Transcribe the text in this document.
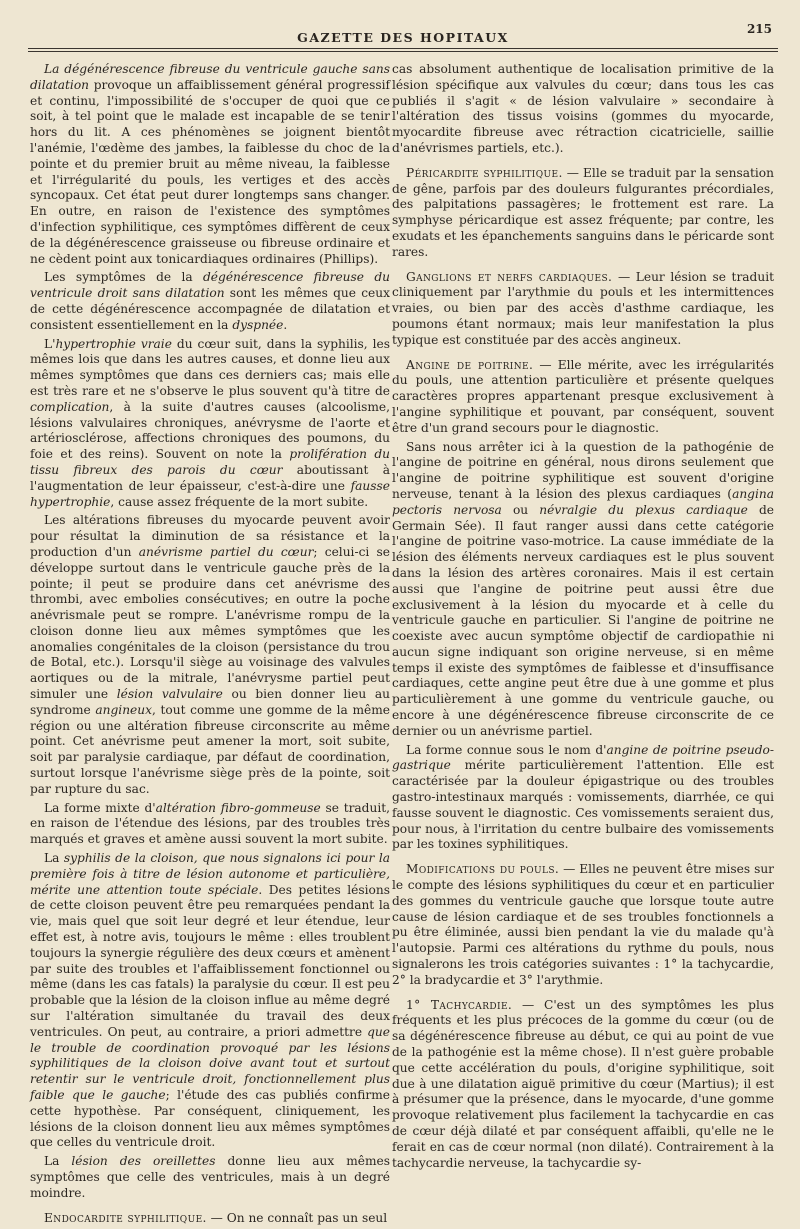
GAZETTE DES HOPITAUX
215

La dégénérescence fibreuse du ventricule gauche sans dilatation provoque un affaiblissement général progressif et continu, l'impossibilité de s'occuper de quoi que ce soit, à tel point que le malade est incapable de se tenir hors du lit. A ces phénomènes se joignent bientôt l'anémie, l'œdème des jambes, la faiblesse du choc de la pointe et du premier bruit au même niveau, la faiblesse et l'irrégularité du pouls, les vertiges et des accès syncopaux. Cet état peut durer longtemps sans changer. En outre, en raison de l'existence des symptômes d'infection syphilitique, ces symptômes diffèrent de ceux de la dégénérescence graisseuse ou fibreuse ordinaire et ne cèdent point aux tonicardiaques ordinaires (Phillips).

Les symptômes de la dégénérescence fibreuse du ventricule droit sans dilatation sont les mêmes que ceux de cette dégénérescence accompagnée de dilatation et consistent essentiellement en la dyspnée.

L'hypertrophie vraie du cœur suit, dans la syphilis, les mêmes lois que dans les autres causes, et donne lieu aux mêmes symptômes que dans ces derniers cas; mais elle est très rare et ne s'observe le plus souvent qu'à titre de complication, à la suite d'autres causes (alcoolisme, lésions valvulaires chroniques, anévrysme de l'aorte et artériosclérose, affections chroniques des poumons, du foie et des reins). Souvent on note la prolifération du tissu fibreux des parois du cœur aboutissant à l'augmentation de leur épaisseur, c'est-à-dire une fausse hypertrophie, cause assez fréquente de la mort subite.

Les altérations fibreuses du myocarde peuvent avoir pour résultat la diminution de sa résistance et la production d'un anévrisme partiel du cœur; celui-ci se développe surtout dans le ventricule gauche près de la pointe; il peut se produire dans cet anévrisme des thrombi, avec embolies consécutives; en outre la poche anévrismale peut se rompre. L'anévrisme rompu de la cloison donne lieu aux mêmes symptômes que les anomalies congénitales de la cloison (persistance du trou de Botal, etc.). Lorsqu'il siège au voisinage des valvules aortiques ou de la mitrale, l'anévrysme partiel peut simuler une lésion valvulaire ou bien donner lieu au syndrome angineux, tout comme une gomme de la même région ou une altération fibreuse circonscrite au même point. Cet anévrisme peut amener la mort, soit subite, soit par paralysie cardiaque, par défaut de coordination, surtout lorsque l'anévrisme siège près de la pointe, soit par rupture du sac.

La forme mixte d'altération fibro-gommeuse se traduit, en raison de l'étendue des lésions, par des troubles très marqués et graves et amène aussi souvent la mort subite.

La syphilis de la cloison, que nous signalons ici pour la première fois à titre de lésion autonome et particulière, mérite une attention toute spéciale. Des petites lésions de cette cloison peuvent être peu remarquées pendant la vie, mais quel que soit leur degré et leur étendue, leur effet est, à notre avis, toujours le même : elles troublent toujours la synergie régulière des deux cœurs et amènent par suite des troubles et l'affaiblissement fonctionnel ou même (dans les cas fatals) la paralysie du cœur. Il est peu probable que la lésion de la cloison influe au même degré sur l'altération simultanée du travail des deux ventricules. On peut, au contraire, a priori admettre que le trouble de coordination provoqué par les lésions syphilitiques de la cloison doive avant tout et surtout retentir sur le ventricule droit, fonctionnellement plus faible que le gauche; l'étude des cas publiés confirme cette hypothèse. Par conséquent, cliniquement, les lésions de la cloison donnent lieu aux mêmes symptômes que celles du ventricule droit.

La lésion des oreillettes donne lieu aux mêmes symptômes que celle des ventricules, mais à un degré moindre.

Endocardite syphilitique. — On ne connaît pas un seul

cas absolument authentique de localisation primitive de la lésion spécifique aux valvules du cœur; dans tous les cas publiés il s'agit « de lésion valvulaire » secondaire à l'altération des tissus voisins (gommes du myocarde, myocardite fibreuse avec rétraction cicatricielle, saillie d'anévrismes partiels, etc.).

Péricardite syphilitique. — Elle se traduit par la sensation de gêne, parfois par des douleurs fulgurantes précordiales, des palpitations passagères; le frottement est rare. La symphyse péricardique est assez fréquente; par contre, les exudats et les épanchements sanguins dans le péricarde sont rares.

Ganglions et nerfs cardiaques. — Leur lésion se traduit cliniquement par l'arythmie du pouls et les intermittences vraies, ou bien par des accès d'asthme cardiaque, les poumons étant normaux; mais leur manifestation la plus typique est constituée par des accès angineux.

Angine de poitrine. — Elle mérite, avec les irrégularités du pouls, une attention particulière et présente quelques caractères propres appartenant presque exclusivement à l'angine syphilitique et pouvant, par conséquent, souvent être d'un grand secours pour le diagnostic.

Sans nous arrêter ici à la question de la pathogénie de l'angine de poitrine en général, nous dirons seulement que l'angine de poitrine syphilitique est souvent d'origine nerveuse, tenant à la lésion des plexus cardiaques (angina pectoris nervosa ou névralgie du plexus cardiaque de Germain Sée). Il faut ranger aussi dans cette catégorie l'angine de poitrine vaso-motrice. La cause immédiate de la lésion des éléments nerveux cardiaques est le plus souvent dans la lésion des artères coronaires. Mais il est certain aussi que l'angine de poitrine peut aussi être due exclusivement à la lésion du myocarde et à celle du ventricule gauche en particulier. Si l'angine de poitrine ne coexiste avec aucun symptôme objectif de cardiopathie ni aucun signe indiquant son origine nerveuse, si en même temps il existe des symptômes de faiblesse et d'insuffisance cardiaques, cette angine peut être due à une gomme et plus particulièrement à une gomme du ventricule gauche, ou encore à une dégénérescence fibreuse circonscrite de ce dernier ou un anévrisme partiel.

La forme connue sous le nom d'angine de poitrine pseudo-gastrique mérite particulièrement l'attention. Elle est caractérisée par la douleur épigastrique ou des troubles gastro-intestinaux marqués : vomissements, diarrhée, ce qui fausse souvent le diagnostic. Ces vomissements seraient dus, pour nous, à l'irritation du centre bulbaire des vomissements par les toxines syphilitiques.

Modifications du pouls. — Elles ne peuvent être mises sur le compte des lésions syphilitiques du cœur et en particulier des gommes du ventricule gauche que lorsque toute autre cause de lésion cardiaque et de ses troubles fonctionnels a pu être éliminée, aussi bien pendant la vie du malade qu'à l'autopsie. Parmi ces altérations du rythme du pouls, nous signalerons les trois catégories suivantes : 1° la tachycardie, 2° la bradycardie et 3° l'arythmie.

1° Tachycardie. — C'est un des symptômes les plus fréquents et les plus précoces de la gomme du cœur (ou de sa dégénérescence fibreuse au début, ce qui au point de vue de la pathogénie est la même chose). Il n'est guère probable que cette accélération du pouls, d'origine syphilitique, soit due à une dilatation aiguë primitive du cœur (Martius); il est à présumer que la présence, dans le myocarde, d'une gomme provoque relativement plus facilement la tachycardie en cas de cœur déjà dilaté et par conséquent affaibli, qu'elle ne le ferait en cas de cœur normal (non dilaté). Contrairement à la tachycardie nerveuse, la tachycardie sy-
